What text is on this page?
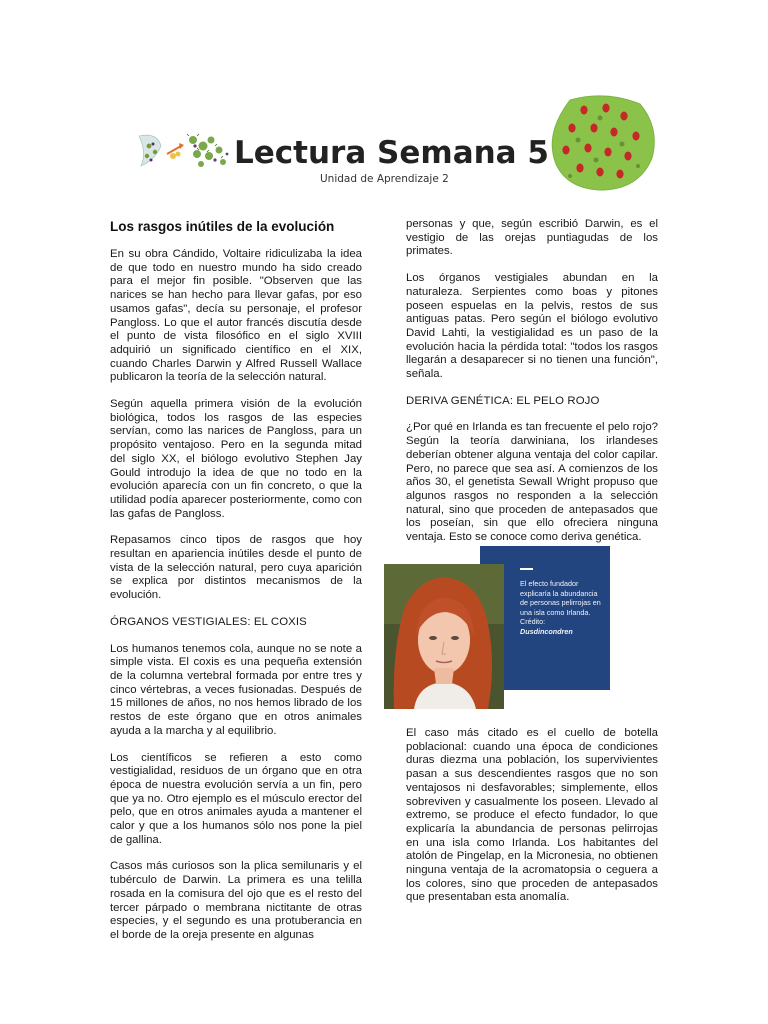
Lectura Semana 5
Unidad de Aprendizaje 2
Los rasgos inútiles de la evolución

En su obra Cándido, Voltaire ridiculizaba la idea de que todo en nuestro mundo ha sido creado para el mejor fin posible. "Observen que las narices se han hecho para llevar gafas, por eso usamos gafas", decía su personaje, el profesor Pangloss. Lo que el autor francés discutía desde el punto de vista filosófico en el siglo XVIII adquirió un significado científico en el XIX, cuando Charles Darwin y Alfred Russell Wallace publicaron la teoría de la selección natural.

Según aquella primera visión de la evolución biológica, todos los rasgos de las especies servían, como las narices de Pangloss, para un propósito ventajoso. Pero en la segunda mitad del siglo XX, el biólogo evolutivo Stephen Jay Gould introdujo la idea de que no todo en la evolución aparecía con un fin concreto, o que la utilidad podía aparecer posteriormente, como con las gafas de Pangloss.

Repasamos cinco tipos de rasgos que hoy resultan en apariencia inútiles desde el punto de vista de la selección natural, pero cuya aparición se explica por distintos mecanismos de la evolución.

ÓRGANOS VESTIGIALES: EL COXIS

Los humanos tenemos cola, aunque no se note a simple vista. El coxis es una pequeña extensión de la columna vertebral formada por entre tres y cinco vértebras, a veces fusionadas. Después de 15 millones de años, no nos hemos librado de los restos de este órgano que en otros animales ayuda a la marcha y al equilibrio.

Los científicos se refieren a esto como vestigialidad, residuos de un órgano que en otra época de nuestra evolución servía a un fin, pero que ya no. Otro ejemplo es el músculo erector del pelo, que en otros animales ayuda a mantener el calor y que a los humanos sólo nos pone la piel de gallina.

Casos más curiosos son la plica semilunaris y el tubérculo de Darwin. La primera es una telilla rosada en la comisura del ojo que es el resto del tercer párpado o membrana nictitante de otras especies, y el segundo es una protuberancia en el borde de la oreja presente en algunas

personas y que, según escribió Darwin, es el vestigio de las orejas puntiagudas de los primates.

Los órganos vestigiales abundan en la naturaleza. Serpientes como boas y pitones poseen espuelas en la pelvis, restos de sus antiguas patas. Pero según el biólogo evolutivo David Lahti, la vestigialidad es un paso de la evolución hacia la pérdida total: "todos los rasgos llegarán a desaparecer si no tienen una función", señala.

DERIVA GENÉTICA: EL PELO ROJO

¿Por qué en Irlanda es tan frecuente el pelo rojo? Según la teoría darwiniana, los irlandeses deberían obtener alguna ventaja del color capilar. Pero, no parece que sea así. A comienzos de los años 30, el genetista Sewall Wright propuso que algunos rasgos no responden a la selección natural, sino que proceden de antepasados que los poseían, sin que ello ofreciera ninguna ventaja. Esto se conoce como deriva genética.

El efecto fundador explicaría la abundancia de personas pelirrojas en una isla como Irlanda. Crédito:
Dusdincondren

El caso más citado es el cuello de botella poblacional: cuando una época de condiciones duras diezma una población, los supervivientes pasan a sus descendientes rasgos que no son ventajosos ni desfavorables; simplemente, ellos sobreviven y casualmente los poseen. Llevado al extremo, se produce el efecto fundador, lo que explicaría la abundancia de personas pelirrojas en una isla como Irlanda. Los habitantes del atolón de Pingelap, en la Micronesia, no obtienen ninguna ventaja de la acromatopsia o ceguera a los colores, sino que proceden de antepasados que presentaban esta anomalía.
